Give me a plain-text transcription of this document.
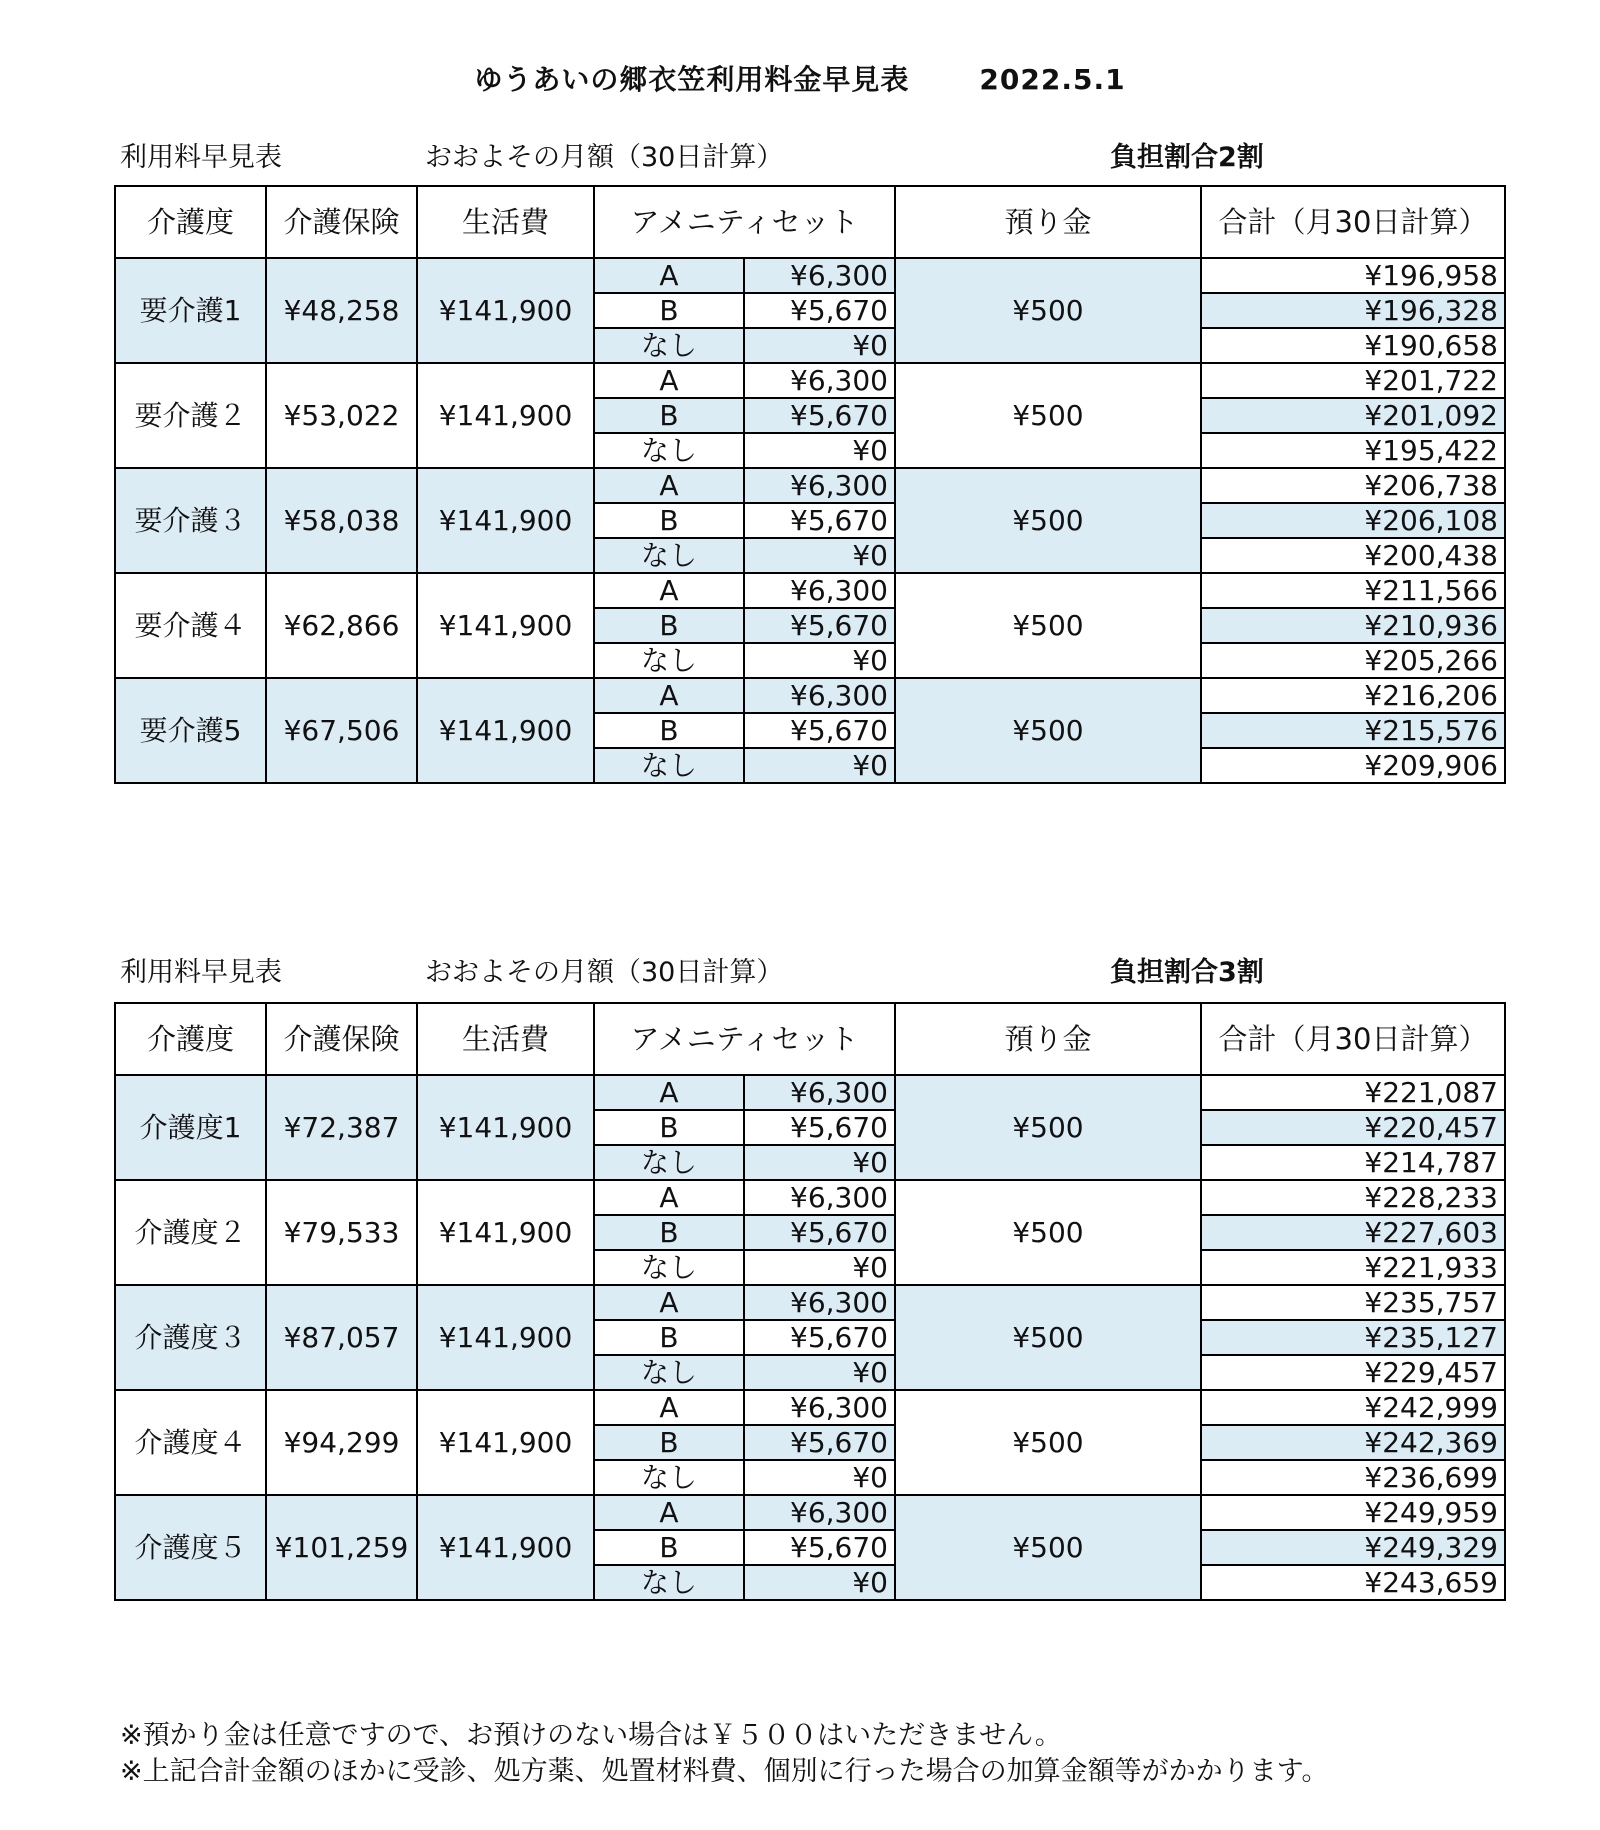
ゆうあいの郷衣笠利用料金早見表	2022.5.1
利用料早見表	おおよその月額（30日計算）	負担割合2割
介護度	介護保険	生活費	アメニティセット		預り金	合計（月30日計算）
要介護1	¥48,258	¥141,900	A	¥6,300	¥500	¥196,958
			B	¥5,670		¥196,328
			なし	¥0		¥190,658
要介護２	¥53,022	¥141,900	A	¥6,300	¥500	¥201,722
			B	¥5,670		¥201,092
			なし	¥0		¥195,422
要介護３	¥58,038	¥141,900	A	¥6,300	¥500	¥206,738
			B	¥5,670		¥206,108
			なし	¥0		¥200,438
要介護４	¥62,866	¥141,900	A	¥6,300	¥500	¥211,566
			B	¥5,670		¥210,936
			なし	¥0		¥205,266
要介護5	¥67,506	¥141,900	A	¥6,300	¥500	¥216,206
			B	¥5,670		¥215,576
			なし	¥0		¥209,906
利用料早見表	おおよその月額（30日計算）	負担割合3割
介護度	介護保険	生活費	アメニティセット		預り金	合計（月30日計算）
介護度1	¥72,387	¥141,900	A	¥6,300	¥500	¥221,087
			B	¥5,670		¥220,457
			なし	¥0		¥214,787
介護度２	¥79,533	¥141,900	A	¥6,300	¥500	¥228,233
			B	¥5,670		¥227,603
			なし	¥0		¥221,933
介護度３	¥87,057	¥141,900	A	¥6,300	¥500	¥235,757
			B	¥5,670		¥235,127
			なし	¥0		¥229,457
介護度４	¥94,299	¥141,900	A	¥6,300	¥500	¥242,999
			B	¥5,670		¥242,369
			なし	¥0		¥236,699
介護度５	¥101,259	¥141,900	A	¥6,300	¥500	¥249,959
			B	¥5,670		¥249,329
			なし	¥0		¥243,659
※預かり金は任意ですので、お預けのない場合は￥５００はいただきません。
※上記合計金額のほかに受診、処方薬、処置材料費、個別に行った場合の加算金額等がかかります。
